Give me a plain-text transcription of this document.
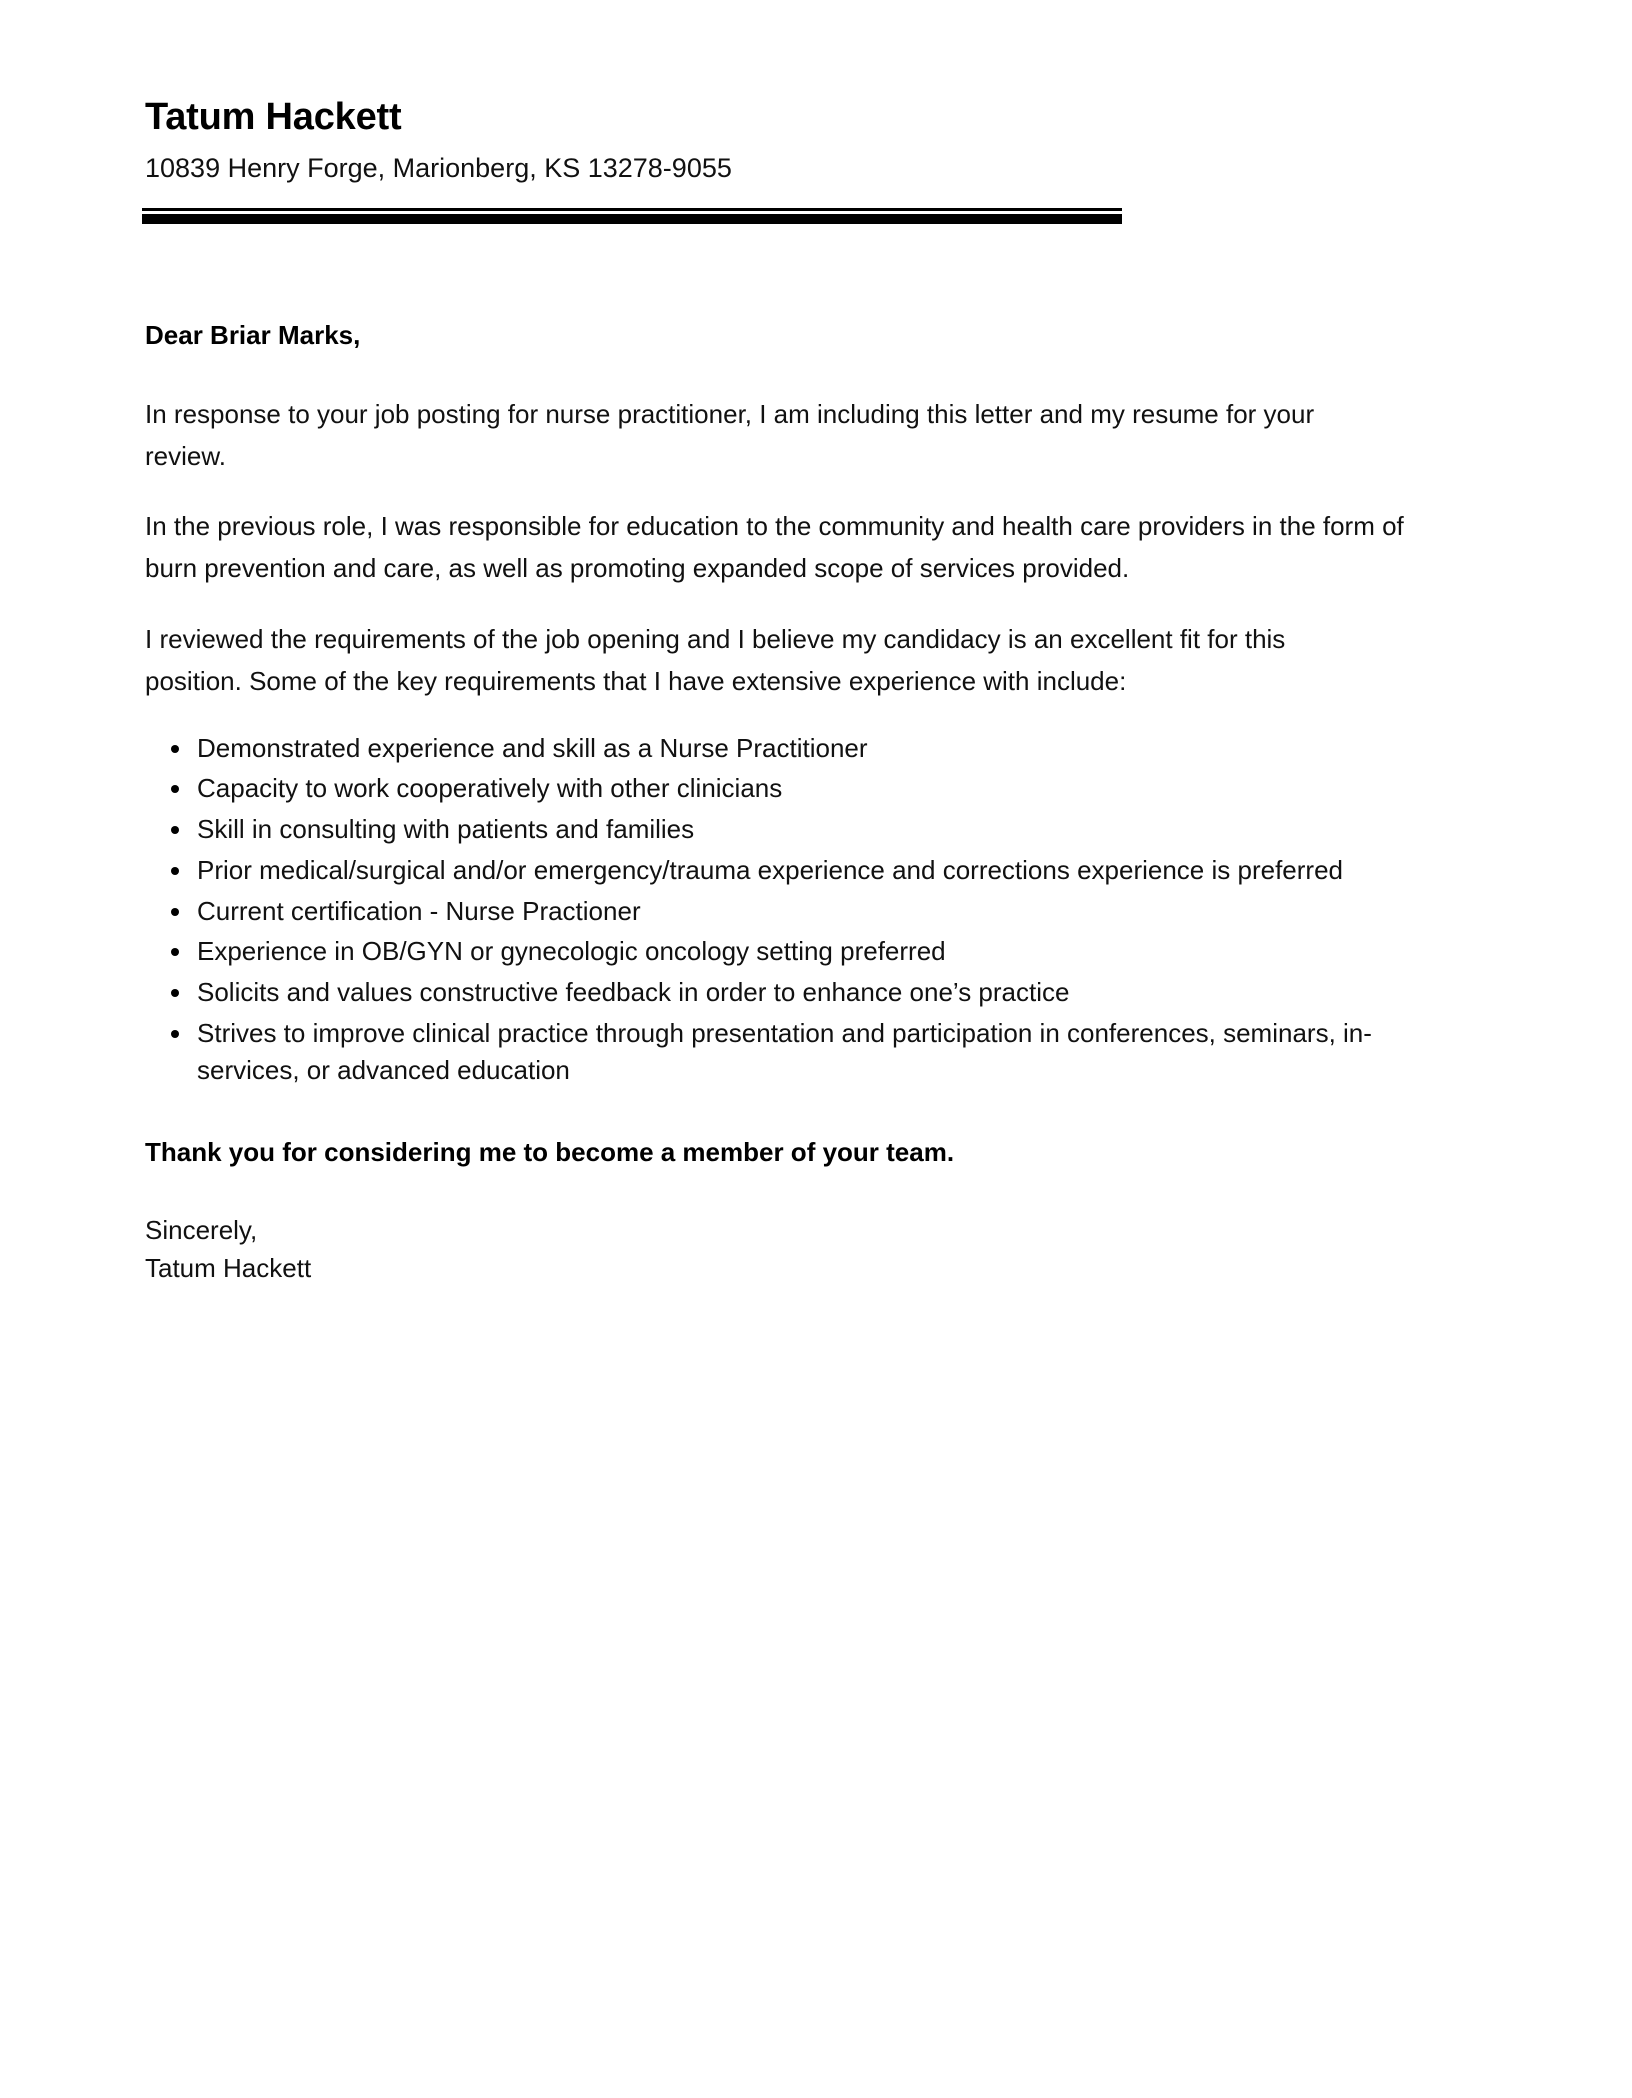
Tatum Hackett
10839 Henry Forge, Marionberg, KS 13278-9055
Dear Briar Marks,

In response to your job posting for nurse practitioner, I am including this letter and my resume for your review.

In the previous role, I was responsible for education to the community and health care providers in the form of burn prevention and care, as well as promoting expanded scope of services provided.

I reviewed the requirements of the job opening and I believe my candidacy is an excellent fit for this position. Some of the key requirements that I have extensive experience with include:

Demonstrated experience and skill as a Nurse Practitioner
Capacity to work cooperatively with other clinicians
Skill in consulting with patients and families
Prior medical/surgical and/or emergency/trauma experience and corrections experience is preferred
Current certification - Nurse Practioner
Experience in OB/GYN or gynecologic oncology setting preferred
Solicits and values constructive feedback in order to enhance one’s practice
Strives to improve clinical practice through presentation and participation in conferences, seminars, in-services, or advanced education
Thank you for considering me to become a member of your team.
Sincerely,
Tatum Hackett
